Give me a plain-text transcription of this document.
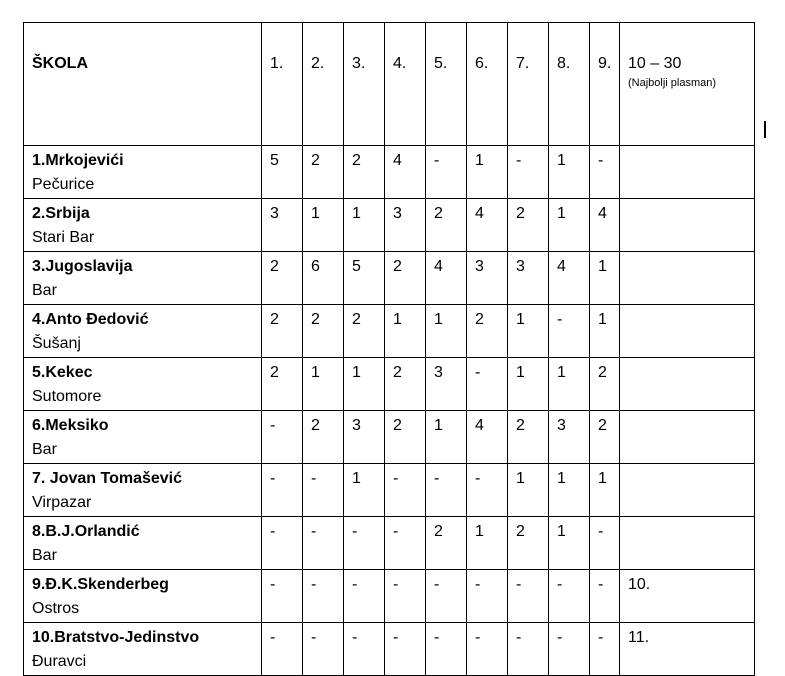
ŠKOLA	1.	2.	3.	4.	5.	6.	7.	8.	9.	10 – 30
(Najbolji plasman)

1.Mrkojevići
Pečurice	5	2	2	4	-	1	-	1	-	

2.Srbija
Stari Bar	3	1	1	3	2	4	2	1	4	

3.Jugoslavija
Bar	2	6	5	2	4	3	3	4	1	

4.Anto Đedović
Šušanj	2	2	2	1	1	2	1	-	1	

5.Kekec
Sutomore	2	1	1	2	3	-	1	1	2	

6.Meksiko
Bar	-	2	3	2	1	4	2	3	2	

7. Jovan Tomašević
Virpazar	-	-	1	-	-	-	1	1	1	

8.B.J.Orlandić
Bar	-	-	-	-	2	1	2	1	-	

9.Đ.K.Skenderbeg
Ostros	-	-	-	-	-	-	-	-	-	10.

10.Bratstvo-Jedinstvo
Đuravci	-	-	-	-	-	-	-	-	-	11.
